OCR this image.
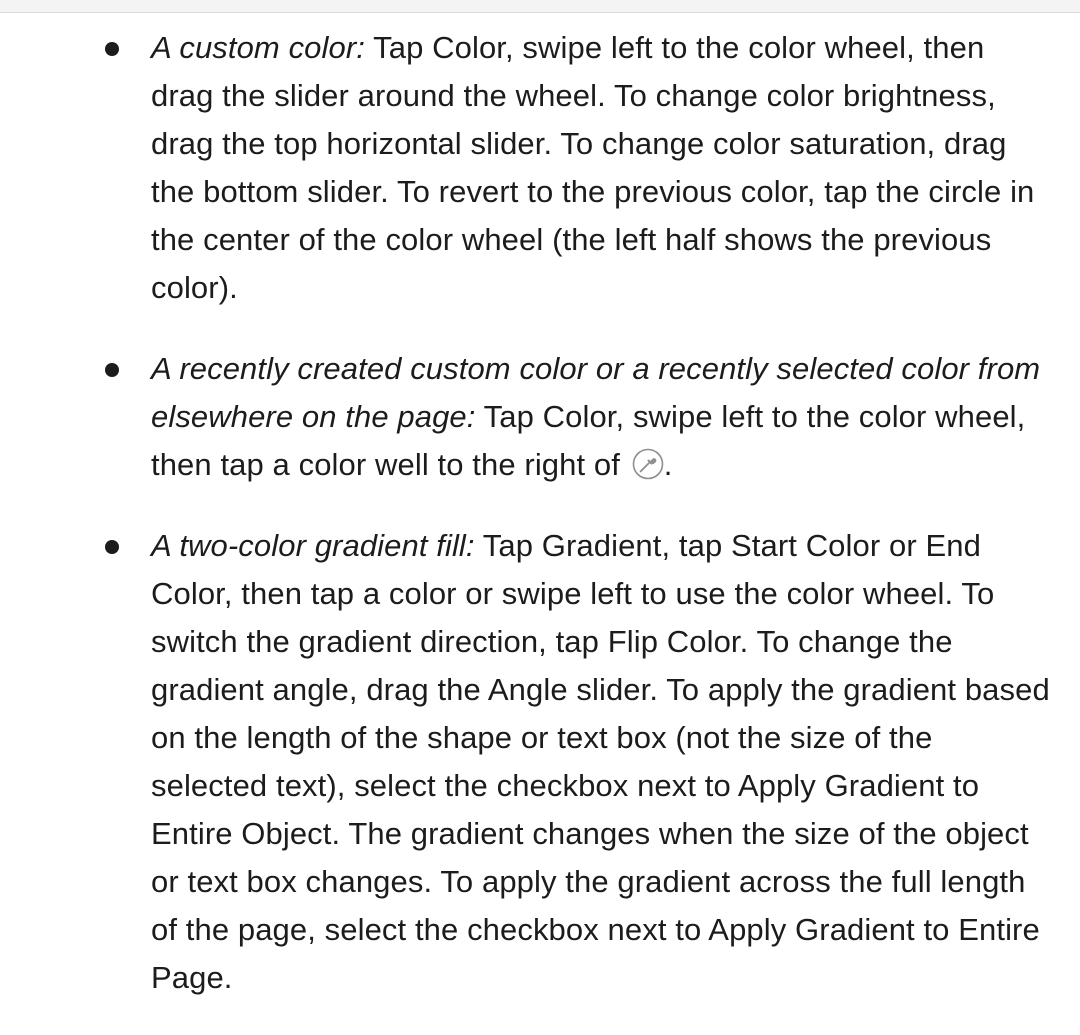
A custom color: Tap Color, swipe left to the color wheel, then drag the slider around the wheel. To change color brightness, drag the top horizontal slider. To change color saturation, drag the bottom slider. To revert to the previous color, tap the circle in the center of the color wheel (the left half shows the previous color).
A recently created custom color or a recently selected color from elsewhere on the page: Tap Color, swipe left to the color wheel, then tap a color well to the right of .
A two-color gradient fill: Tap Gradient, tap Start Color or End Color, then tap a color or swipe left to use the color wheel. To switch the gradient direction, tap Flip Color. To change the gradient angle, drag the Angle slider. To apply the gradient based on the length of the shape or text box (not the size of the selected text), select the checkbox next to Apply Gradient to Entire Object. The gradient changes when the size of the object or text box changes. To apply the gradient across the full length of the page, select the checkbox next to Apply Gradient to Entire Page.
